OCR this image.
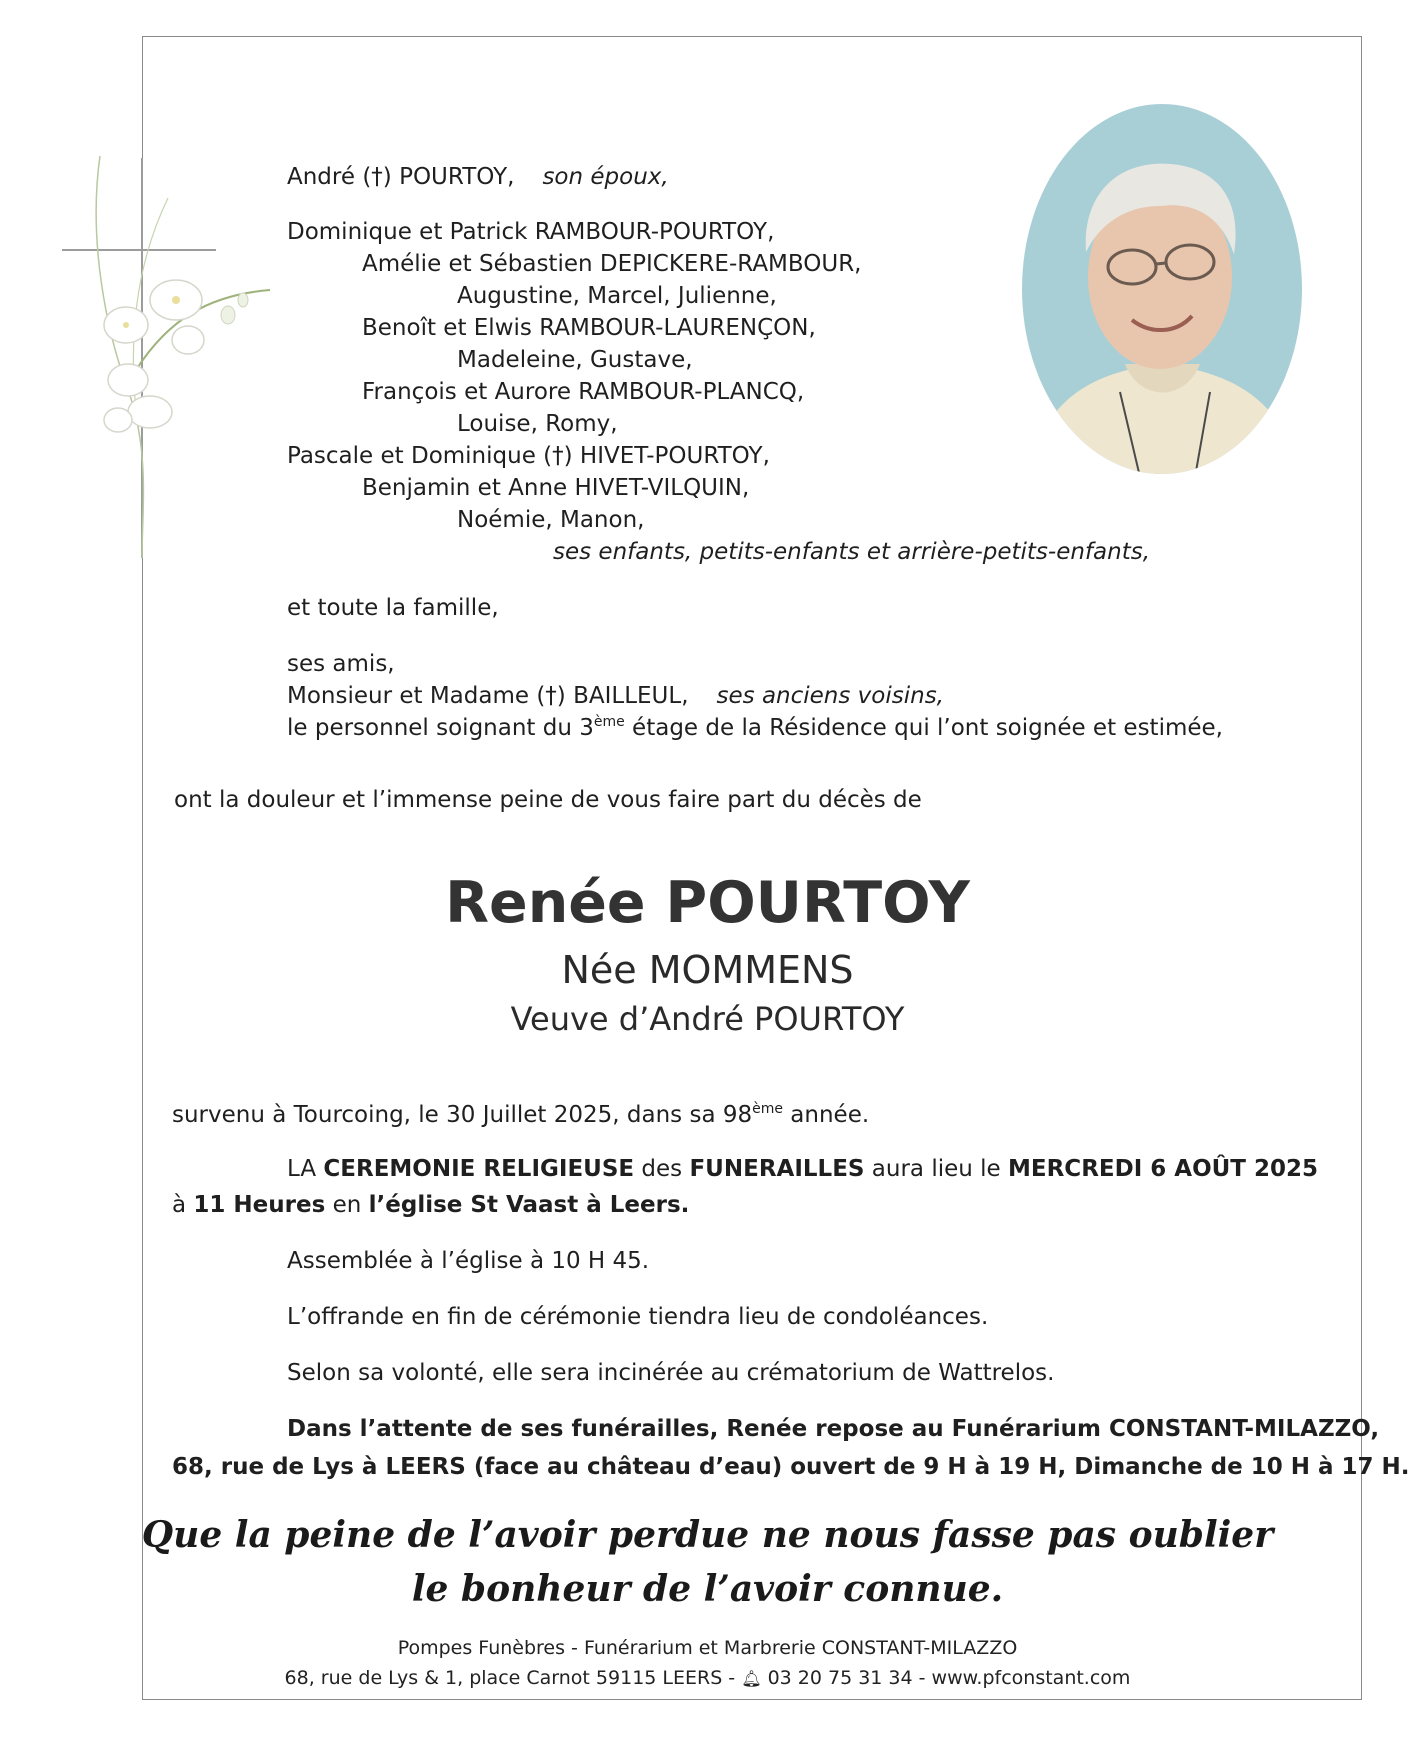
André (†) POURTOY, son époux,
Dominique et Patrick RAMBOUR-POURTOY,
Amélie et Sébastien DEPICKERE-RAMBOUR,
Augustine, Marcel, Julienne,
Benoît et Elwis RAMBOUR-LAURENÇON,
Madeleine, Gustave,
François et Aurore RAMBOUR-PLANCQ,
Louise, Romy,
Pascale et Dominique (†) HIVET-POURTOY,
Benjamin et Anne HIVET-VILQUIN,
Noémie, Manon,
ses enfants, petits-enfants et arrière-petits-enfants,
et toute la famille,
ses amis,
Monsieur et Madame (†) BAILLEUL, ses anciens voisins,
le personnel soignant du 3ème étage de la Résidence qui l’ont soignée et estimée,
ont la douleur et l’immense peine de vous faire part du décès de
Renée POURTOY
Née MOMMENS
Veuve d’André POURTOY
survenu à Tourcoing, le 30 Juillet 2025, dans sa 98ème année.
LA CEREMONIE RELIGIEUSE des FUNERAILLES aura lieu le MERCREDI 6 AOÛT 2025
à 11 Heures en l’église St Vaast à Leers.
Assemblée à l’église à 10 H 45.
L’offrande en fin de cérémonie tiendra lieu de condoléances.
Selon sa volonté, elle sera incinérée au crématorium de Wattrelos.
Dans l’attente de ses funérailles, Renée repose au Funérarium CONSTANT-MILAZZO,
68, rue de Lys à LEERS (face au château d’eau) ouvert de 9 H à 19 H, Dimanche de 10 H à 17 H.
Que la peine de l’avoir perdue ne nous fasse pas oublier
le bonheur de l’avoir connue.
Pompes Funèbres - Funérarium et Marbrerie CONSTANT-MILAZZO
68, rue de Lys & 1, place Carnot 59115 LEERS - 🔔︎ 03 20 75 31 34 - www.pfconstant.com
